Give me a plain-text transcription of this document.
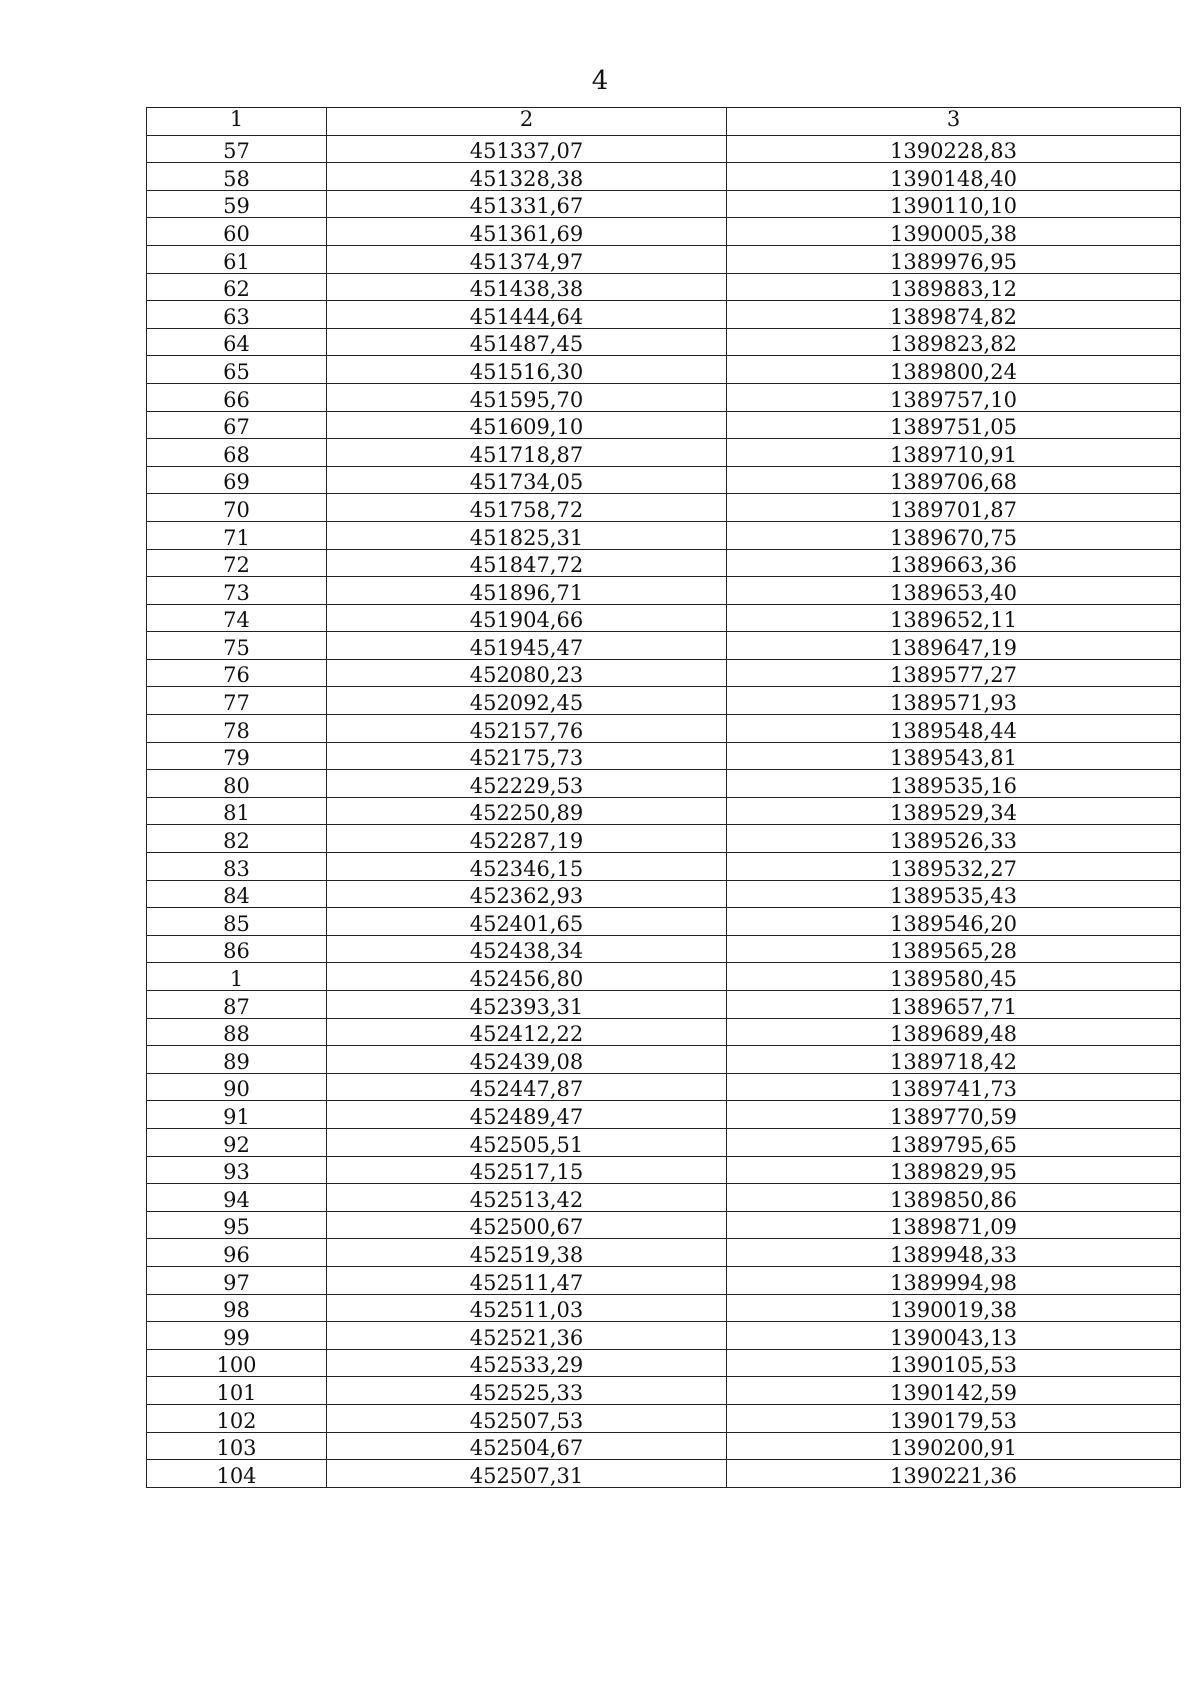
4
1	2	3
57	451337,07	1390228,83
58	451328,38	1390148,40
59	451331,67	1390110,10
60	451361,69	1390005,38
61	451374,97	1389976,95
62	451438,38	1389883,12
63	451444,64	1389874,82
64	451487,45	1389823,82
65	451516,30	1389800,24
66	451595,70	1389757,10
67	451609,10	1389751,05
68	451718,87	1389710,91
69	451734,05	1389706,68
70	451758,72	1389701,87
71	451825,31	1389670,75
72	451847,72	1389663,36
73	451896,71	1389653,40
74	451904,66	1389652,11
75	451945,47	1389647,19
76	452080,23	1389577,27
77	452092,45	1389571,93
78	452157,76	1389548,44
79	452175,73	1389543,81
80	452229,53	1389535,16
81	452250,89	1389529,34
82	452287,19	1389526,33
83	452346,15	1389532,27
84	452362,93	1389535,43
85	452401,65	1389546,20
86	452438,34	1389565,28
1	452456,80	1389580,45
87	452393,31	1389657,71
88	452412,22	1389689,48
89	452439,08	1389718,42
90	452447,87	1389741,73
91	452489,47	1389770,59
92	452505,51	1389795,65
93	452517,15	1389829,95
94	452513,42	1389850,86
95	452500,67	1389871,09
96	452519,38	1389948,33
97	452511,47	1389994,98
98	452511,03	1390019,38
99	452521,36	1390043,13
100	452533,29	1390105,53
101	452525,33	1390142,59
102	452507,53	1390179,53
103	452504,67	1390200,91
104	452507,31	1390221,36
